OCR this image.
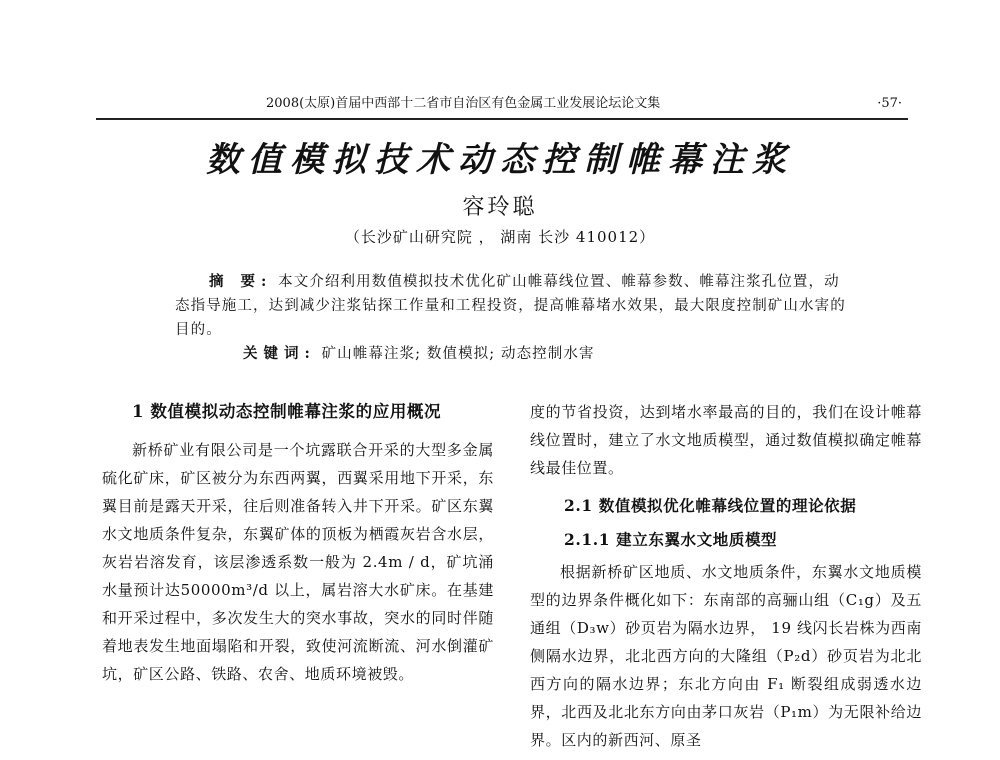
2008(太原)首届中西部十二省市自治区有色金属工业发展论坛论文集	·57·
数值模拟技术动态控制帷幕注浆
容玲聪
（长沙矿山研究院 ， 湖南 长沙 410012）

摘 要: 本文介绍利用数值模拟技术优化矿山帷幕线位置、帷幕参数、帷幕注浆孔位置，动态指导施工，达到减少注浆钻探工作量和工程投资，提高帷幕堵水效果，最大限度控制矿山水害的目的。

关键词: 矿山帷幕注浆; 数值模拟; 动态控制水害

1 数值模拟动态控制帷幕注浆的应用概况

新桥矿业有限公司是一个坑露联合开采的大型多金属硫化矿床，矿区被分为东西两翼，西翼采用地下开采，东翼目前是露天开采，往后则准备转入井下开采。矿区东翼水文地质条件复杂，东翼矿体的顶板为栖霞灰岩含水层，灰岩岩溶发育，该层渗透系数一般为 2.4m / d，矿坑涌水量预计达50000m³/d 以上，属岩溶大水矿床。在基建和开采过程中，多次发生大的突水事故，突水的同时伴随着地表发生地面塌陷和开裂，致使河流断流、河水倒灌矿坑，矿区公路、铁路、农舍、地质环境被毁。

度的节省投资，达到堵水率最高的目的，我们在设计帷幕线位置时，建立了水文地质模型，通过数值模拟确定帷幕线最佳位置。

2.1 数值模拟优化帷幕线位置的理论依据
2.1.1 建立东翼水文地质模型

根据新桥矿区地质、水文地质条件，东翼水文地质模型的边界条件概化如下：东南部的高骊山组（C₁g）及五通组（D₃w）砂页岩为隔水边界， 19 线闪长岩株为西南侧隔水边界，北北西方向的大隆组（P₂d）砂页岩为北北西方向的隔水边界；东北方向由 F₁ 断裂组成弱透水边界，北西及北北东方向由茅口灰岩（P₁m）为无限补给边界。区内的新西河、原圣
